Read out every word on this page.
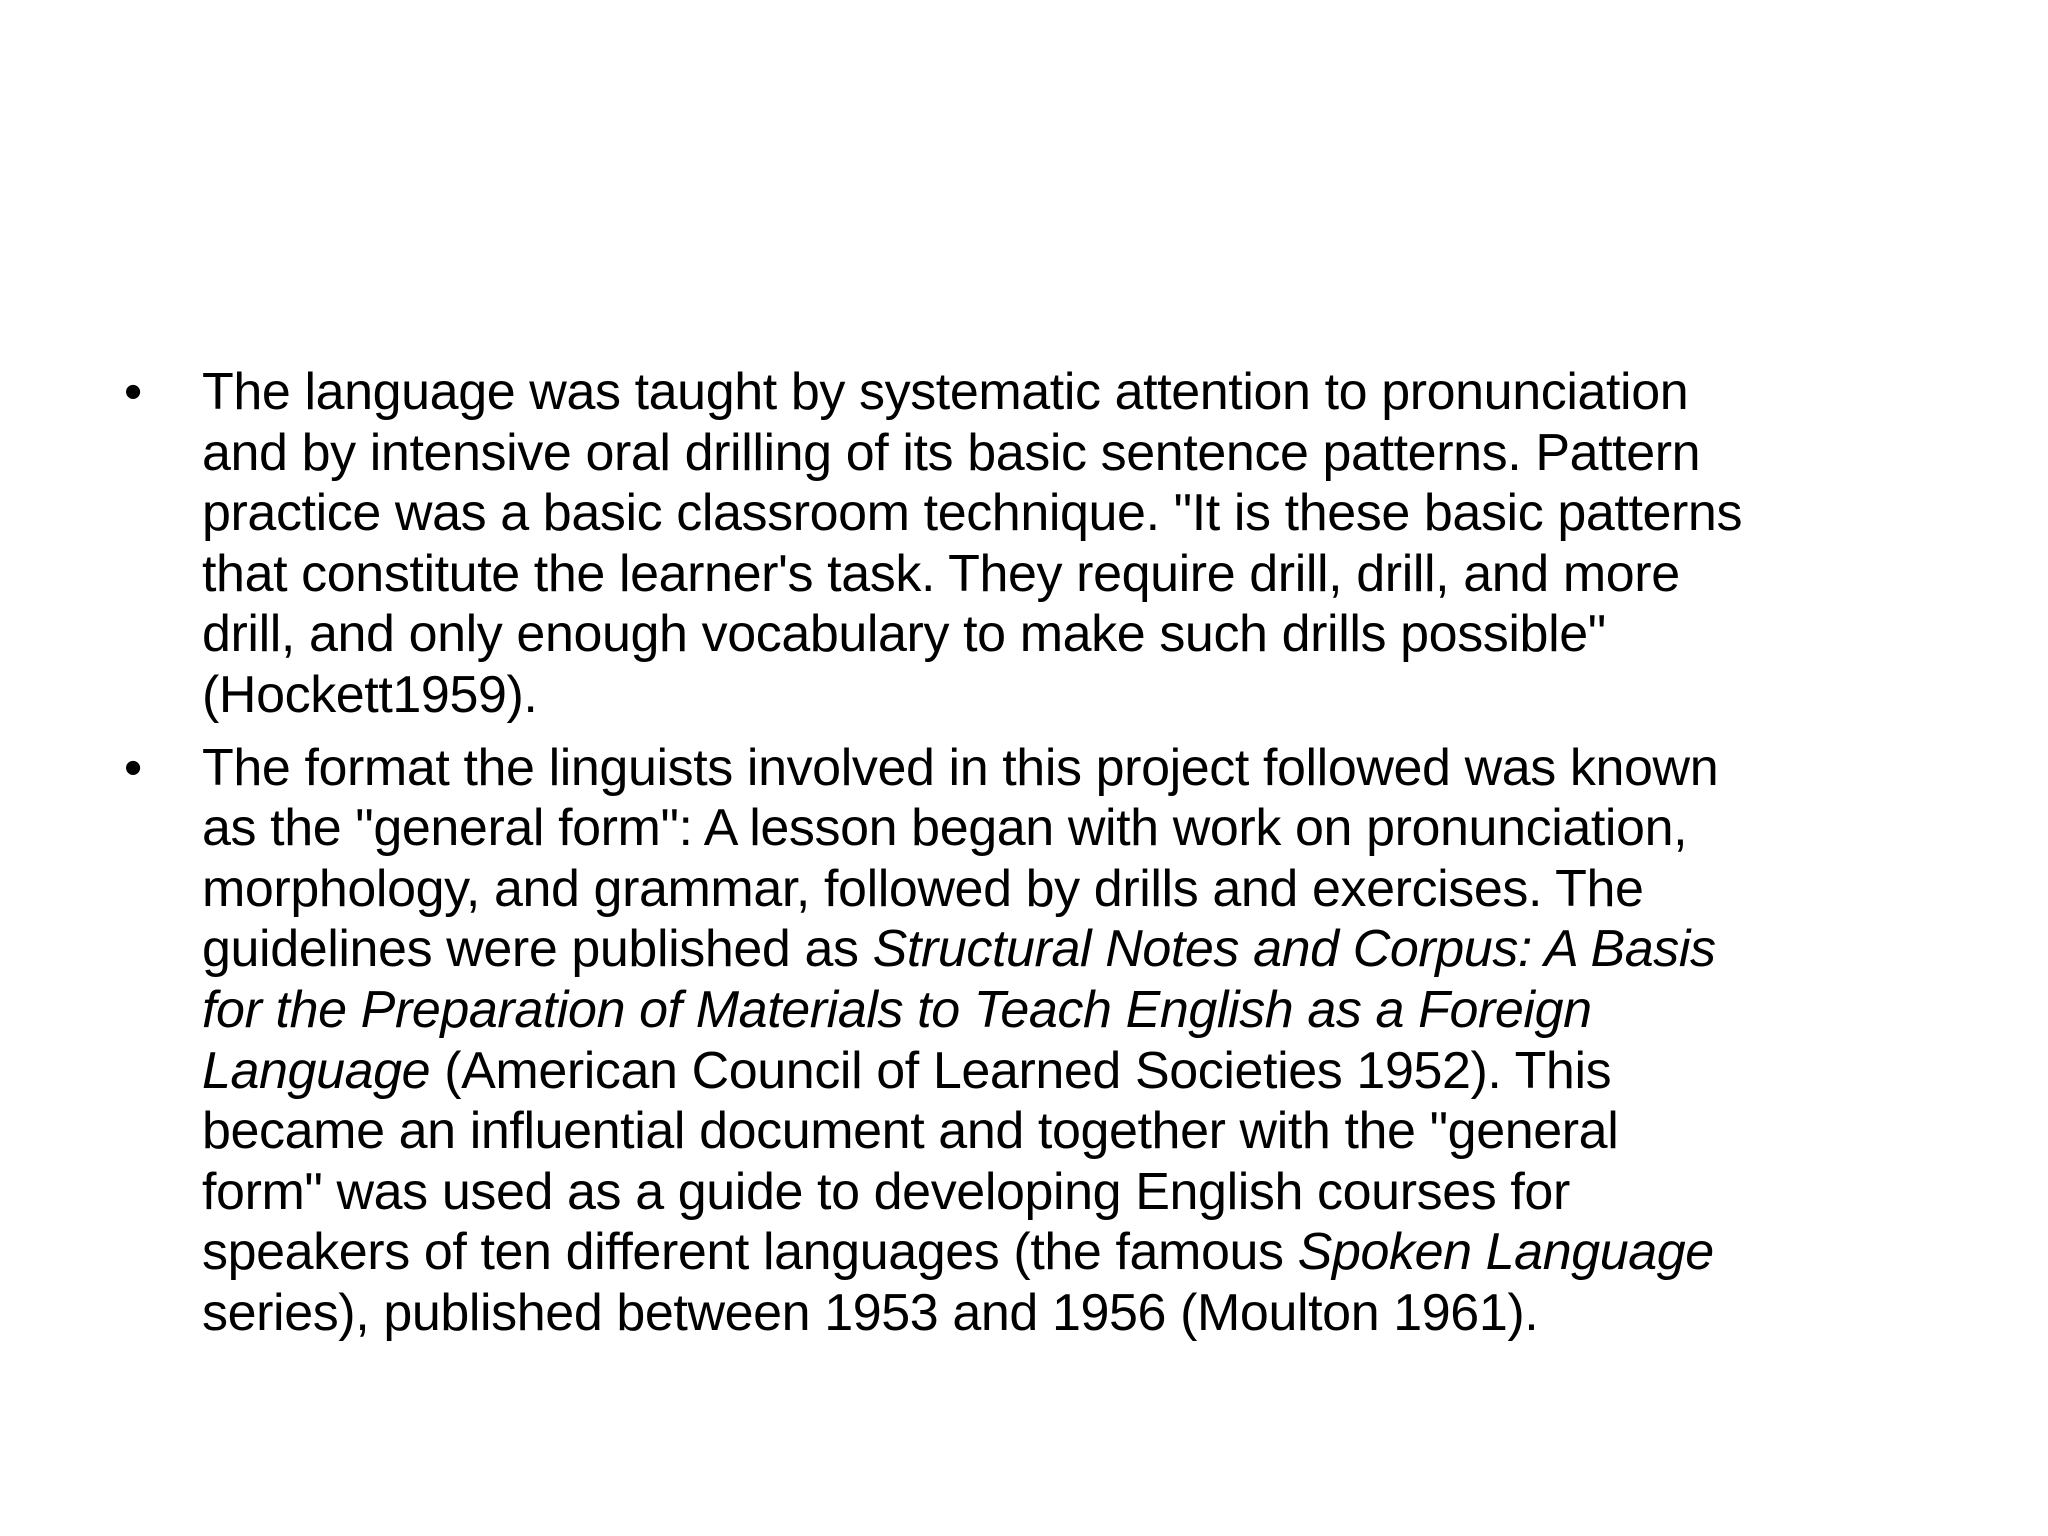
• The language was taught by systematic attention to pronunciation
and by intensive oral drilling of its basic sentence patterns. Pattern
practice was a basic classroom technique. "It is these basic patterns
that constitute the learner's task. They require drill, drill, and more
drill, and only enough vocabulary to make such drills possible"
(Hockett1959).
• The format the linguists involved in this project followed was known
as the "general form": A lesson began with work on pronunciation,
morphology, and grammar, followed by drills and exercises. The
guidelines were published as Structural Notes and Corpus: A Basis
for the Preparation of Materials to Teach English as a Foreign
Language (American Council of Learned Societies 1952). This
became an influential document and together with the "general
form" was used as a guide to developing English courses for
speakers of ten different languages (the famous Spoken Language
series), published between 1953 and 1956 (Moulton 1961).
